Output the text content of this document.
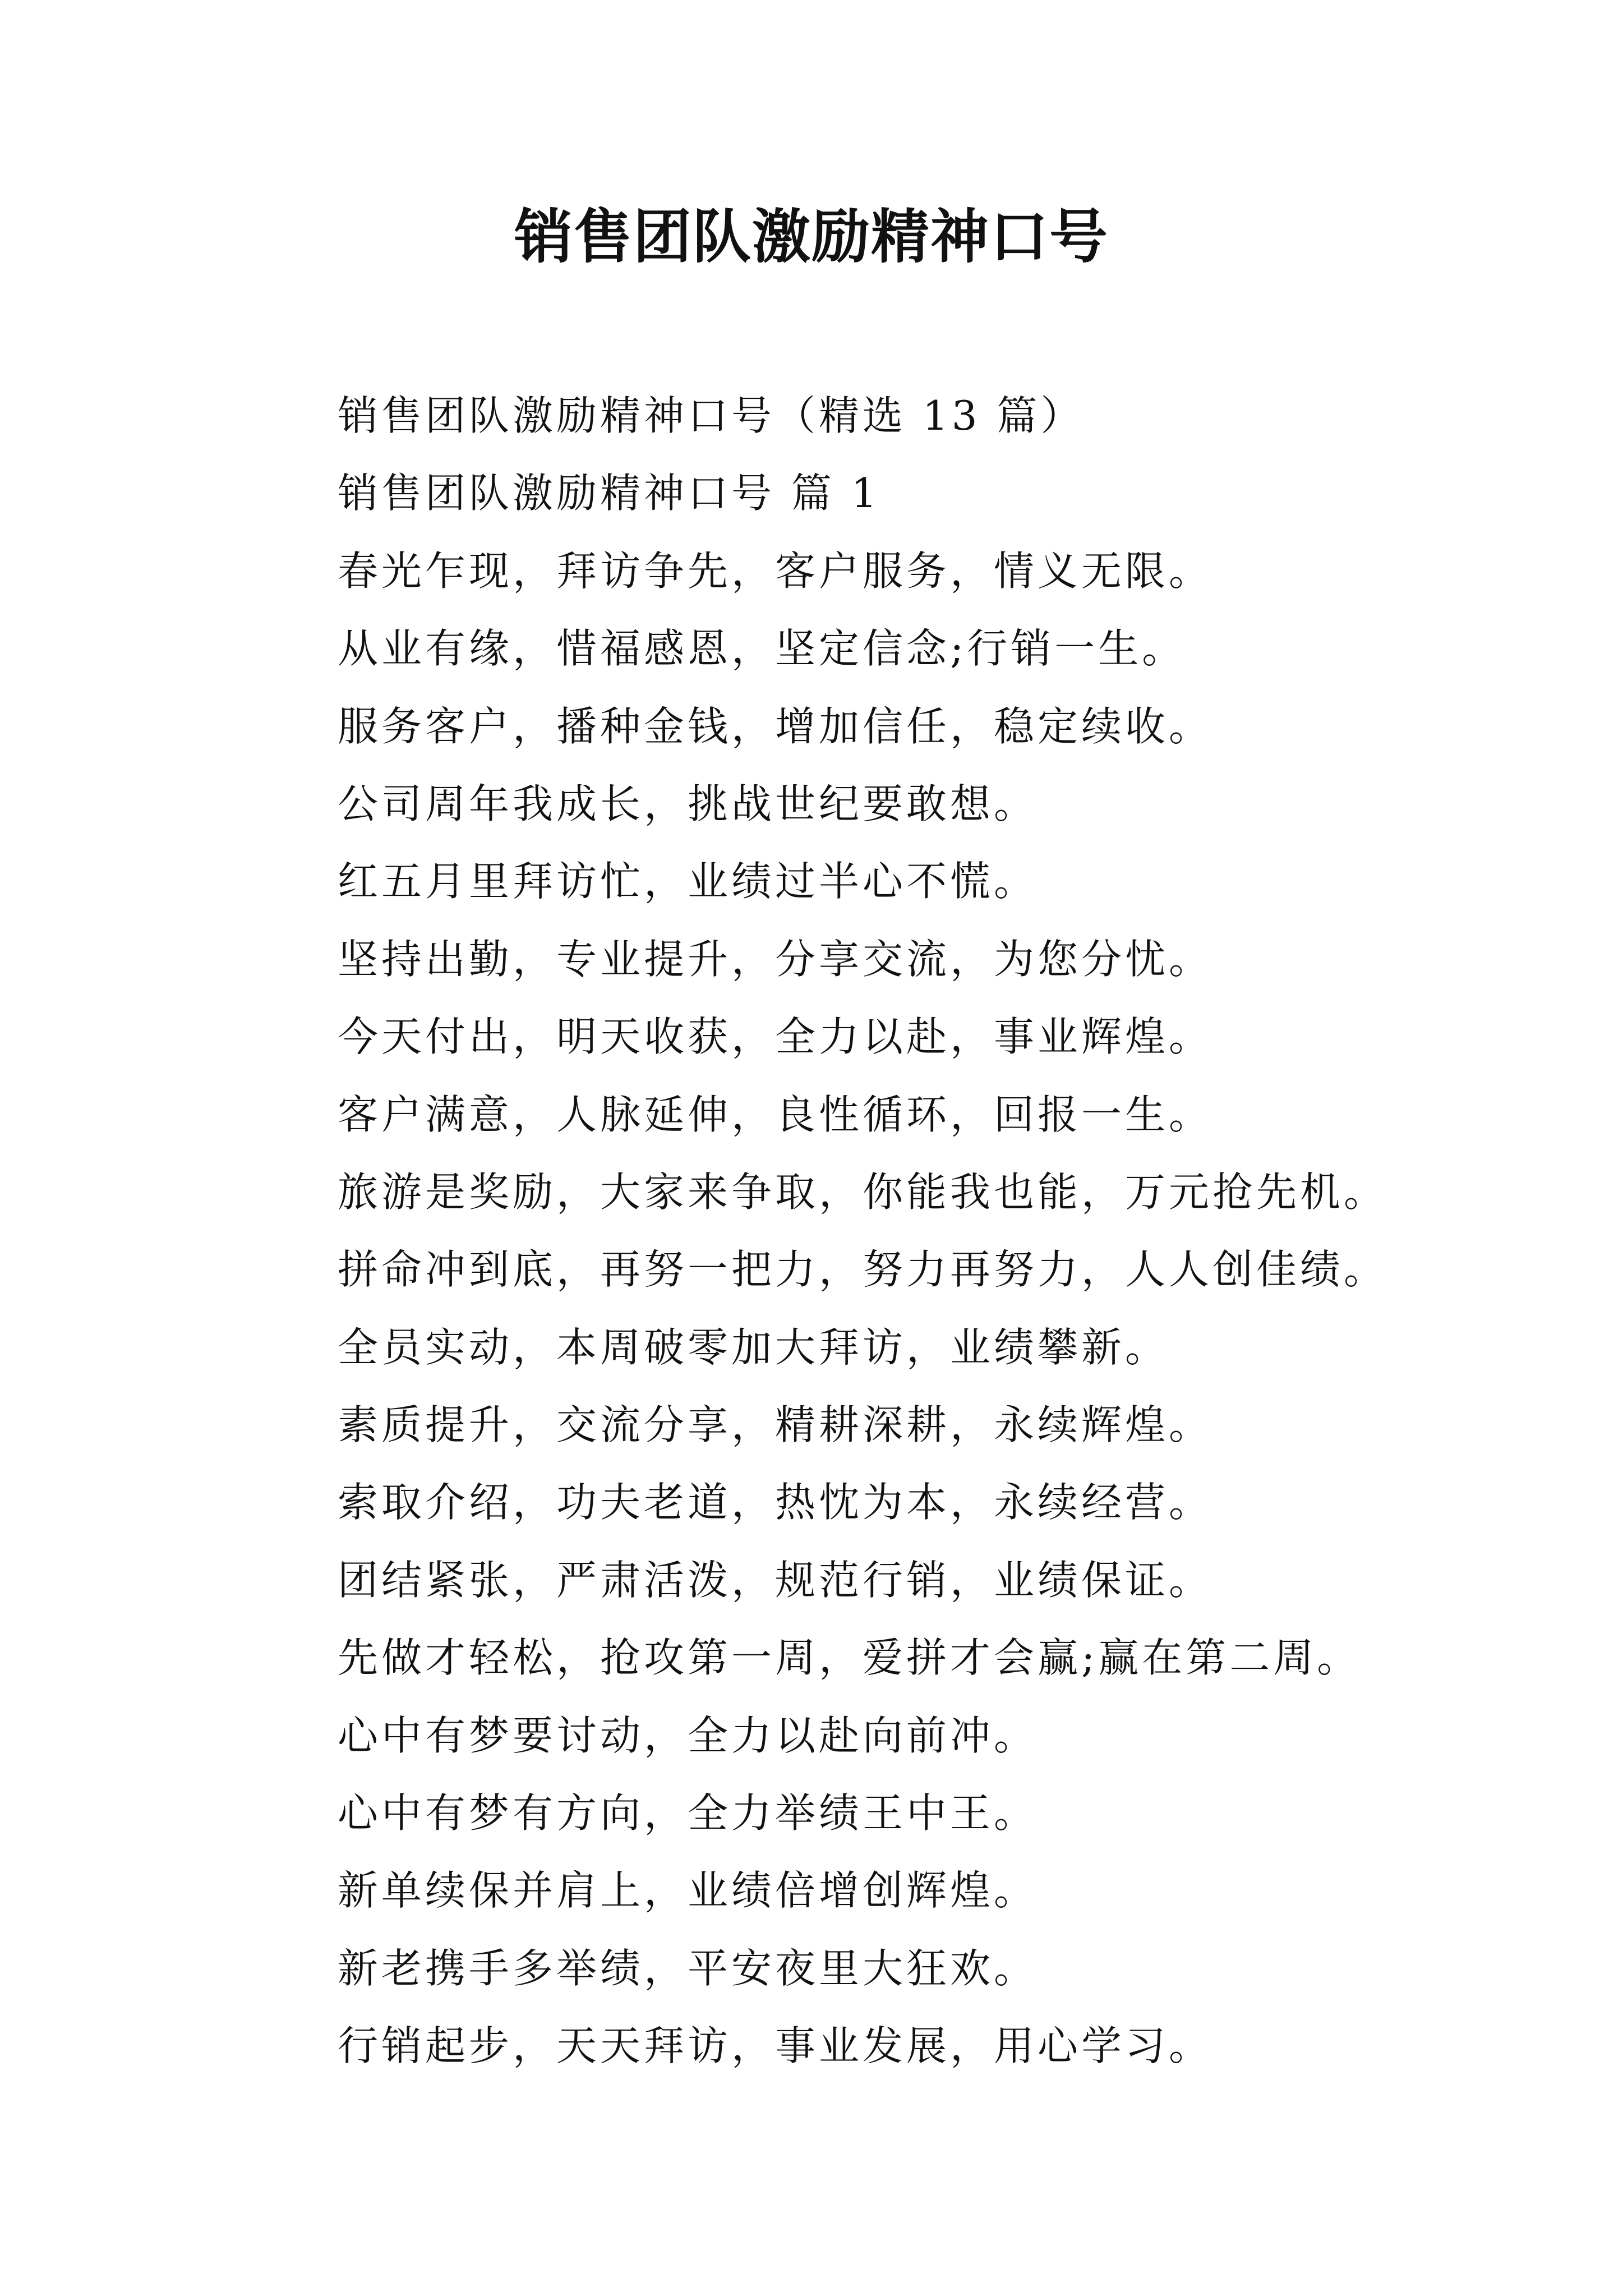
销售团队激励精神口号

销售团队激励精神口号（精选 13 篇）

销售团队激励精神口号 篇 1

春光乍现，拜访争先，客户服务，情义无限。

从业有缘，惜福感恩，坚定信念;行销一生。

服务客户，播种金钱，增加信任，稳定续收。

公司周年我成长，挑战世纪要敢想。

红五月里拜访忙，业绩过半心不慌。

坚持出勤，专业提升，分享交流，为您分忧。

今天付出，明天收获，全力以赴，事业辉煌。

客户满意，人脉延伸，良性循环，回报一生。

旅游是奖励，大家来争取，你能我也能，万元抢先机。

拼命冲到底，再努一把力，努力再努力，人人创佳绩。

全员实动，本周破零加大拜访，业绩攀新。

素质提升，交流分享，精耕深耕，永续辉煌。

索取介绍，功夫老道，热忱为本，永续经营。

团结紧张，严肃活泼，规范行销，业绩保证。

先做才轻松，抢攻第一周，爱拼才会赢;赢在第二周。

心中有梦要讨动，全力以赴向前冲。

心中有梦有方向，全力举绩王中王。

新单续保并肩上，业绩倍增创辉煌。

新老携手多举绩，平安夜里大狂欢。

行销起步，天天拜访，事业发展，用心学习。
